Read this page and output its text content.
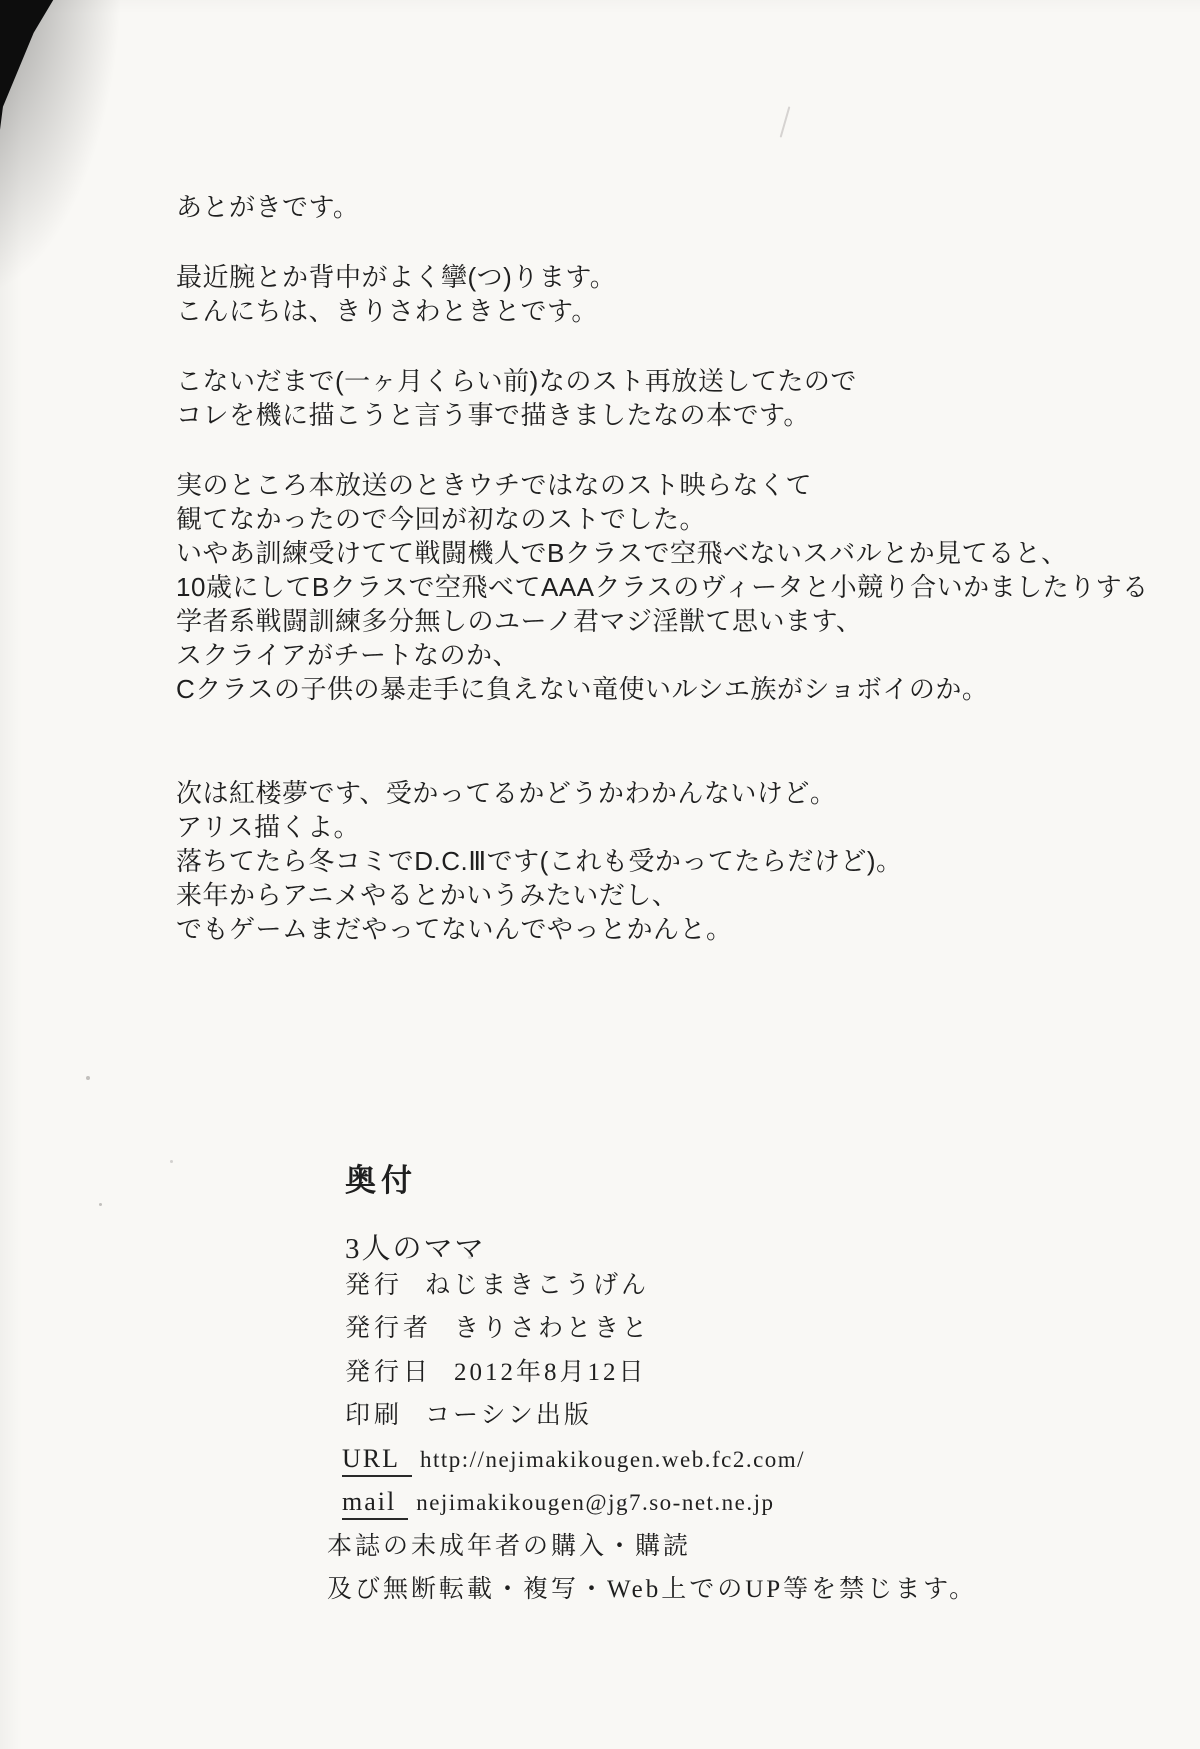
あとがきです。
最近腕とか背中がよく攣(つ)ります。
こんにちは、きりさわときとです。
こないだまで(一ヶ月くらい前)なのスト再放送してたので
コレを機に描こうと言う事で描きましたなの本です。
実のところ本放送のときウチではなのスト映らなくて
観てなかったので今回が初なのストでした。
いやあ訓練受けてて戦闘機人でBクラスで空飛べないスバルとか見てると、
10歳にしてBクラスで空飛べてAAAクラスのヴィータと小競り合いかましたりする
学者系戦闘訓練多分無しのユーノ君マジ淫獣て思います、
スクライアがチートなのか、
Cクラスの子供の暴走手に負えない竜使いルシエ族がショボイのか。
次は紅楼夢です、受かってるかどうかわかんないけど。
アリス描くよ。
落ちてたら冬コミでD.C.Ⅲです(これも受かってたらだけど)。
来年からアニメやるとかいうみたいだし、
でもゲームまだやってないんでやっとかんと。
奥付
3人のママ
発行 ねじまきこうげん
発行者 きりさわときと
発行日 2012年8月12日
印刷 コーシン出版
URL http://nejimakikougen.web.fc2.com/
mail nejimakikougen@jg7.so-net.ne.jp
本誌の未成年者の購入・購読
及び無断転載・複写・Web上でのUP等を禁じます。
